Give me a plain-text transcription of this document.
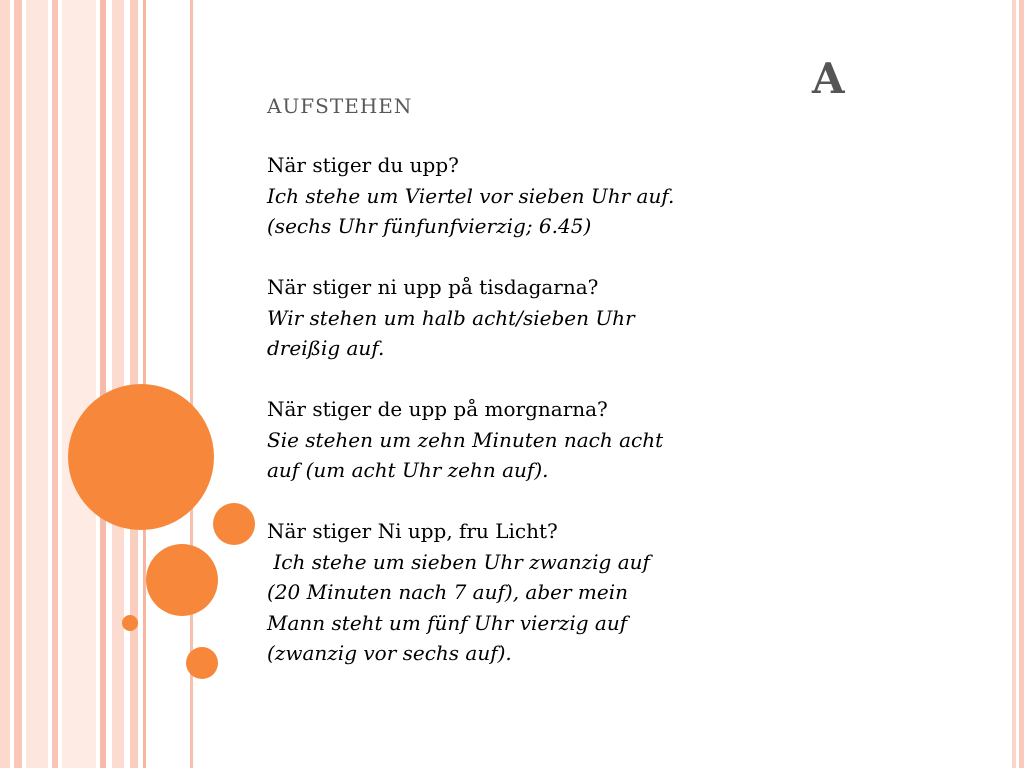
A
AUFSTEHEN
När stiger du upp?
Ich stehe um Viertel vor sieben Uhr auf.
(sechs Uhr fünfunfvierzig; 6.45)
När stiger ni upp på tisdagarna?
Wir stehen um halb acht/sieben Uhr
dreißig auf.
När stiger de upp på morgnarna?
Sie stehen um zehn Minuten nach acht
auf (um acht Uhr zehn auf).
När stiger Ni upp, fru Licht?
Ich stehe um sieben Uhr zwanzig auf
(20 Minuten nach 7 auf), aber mein
Mann steht um fünf Uhr vierzig auf
(zwanzig vor sechs auf).
